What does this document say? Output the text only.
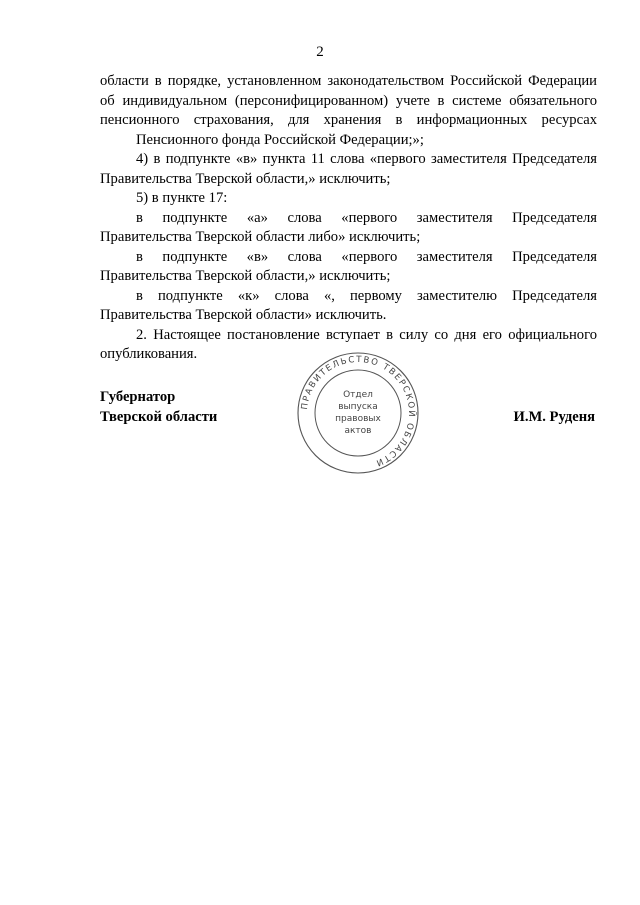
2
области в порядке, установленном законодательством Российской Федерации
об индивидуальном (персонифицированном) учете в системе обязательного
пенсионного страхования, для хранения в информационных ресурсах
Пенсионного фонда Российской Федерации;»;
4) в подпункте «в» пункта 11 слова «первого заместителя Председателя
Правительства Тверской области,» исключить;
5) в пункте 17:
в подпункте «а» слова «первого заместителя Председателя
Правительства Тверской области либо» исключить;
в подпункте «в» слова «первого заместителя Председателя
Правительства Тверской области,» исключить;
в подпункте «к» слова «, первому заместителю Председателя
Правительства Тверской области» исключить.
2. Настоящее постановление вступает в силу со дня его официального
опубликования.
Губернатор
Тверской области	И.М. Руденя
ПРАВИТЕЛЬСТВО ТВЕРСКОЙ ОБЛАСТИ
Отдел
выпуска
правовых
актов
